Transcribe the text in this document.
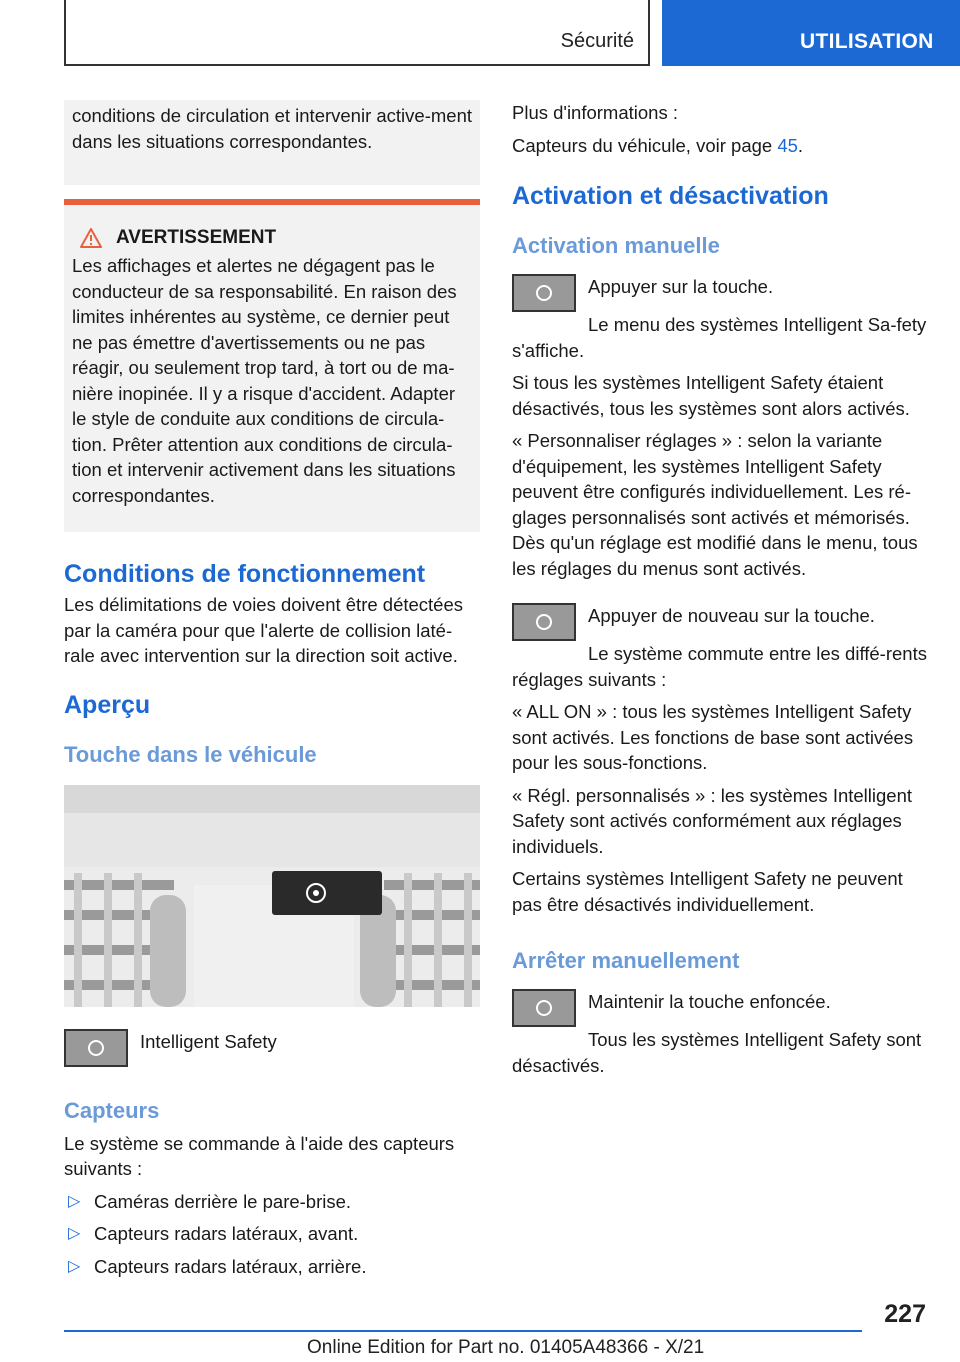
Sécurité	UTILISATION

conditions de circulation et intervenir active-ment dans les situations correspondantes.

AVERTISSEMENT

Les affichages et alertes ne dégagent pas le conducteur de sa responsabilité. En raison des limites inhérentes au système, ce dernier peut ne pas émettre d'avertissements ou ne pas réagir, ou seulement trop tard, à tort ou de ma-nière inopinée. Il y a risque d'accident. Adapter le style de conduite aux conditions de circula-tion. Prêter attention aux conditions de circula-tion et intervenir activement dans les situations correspondantes.

Conditions de fonctionnement

Les délimitations de voies doivent être détectées par la caméra pour que l'alerte de collision laté-rale avec intervention sur la direction soit active.

Aperçu
Touche dans le véhicule

Intelligent Safety

Capteurs

Le système se commande à l'aide des capteurs suivants :

▷ Caméras derrière le pare-brise.
▷ Capteurs radars latéraux, avant.
▷ Capteurs radars latéraux, arrière.

Plus d'informations :

Capteurs du véhicule, voir page 45.

Activation et désactivation
Activation manuelle

Appuyer sur la touche.

Le menu des systèmes Intelligent Sa-fety s'affiche.

Si tous les systèmes Intelligent Safety étaient désactivés, tous les systèmes sont alors activés.

« Personnaliser réglages » : selon la variante d'équipement, les systèmes Intelligent Safety peuvent être configurés individuellement. Les ré-glages personnalisés sont activés et mémorisés. Dès qu'un réglage est modifié dans le menu, tous les réglages du menus sont activés.

Appuyer de nouveau sur la touche.

Le système commute entre les diffé-rents réglages suivants :

« ALL ON » : tous les systèmes Intelligent Safety sont activés. Les fonctions de base sont activées pour les sous-fonctions.

« Régl. personnalisés » : les systèmes Intelligent Safety sont activés conformément aux réglages individuels.

Certains systèmes Intelligent Safety ne peuvent pas être désactivés individuellement.

Arrêter manuellement

Maintenir la touche enfoncée.

Tous les systèmes Intelligent Safety sont désactivés.

227
Online Edition for Part no. 01405A48366 - X/21
